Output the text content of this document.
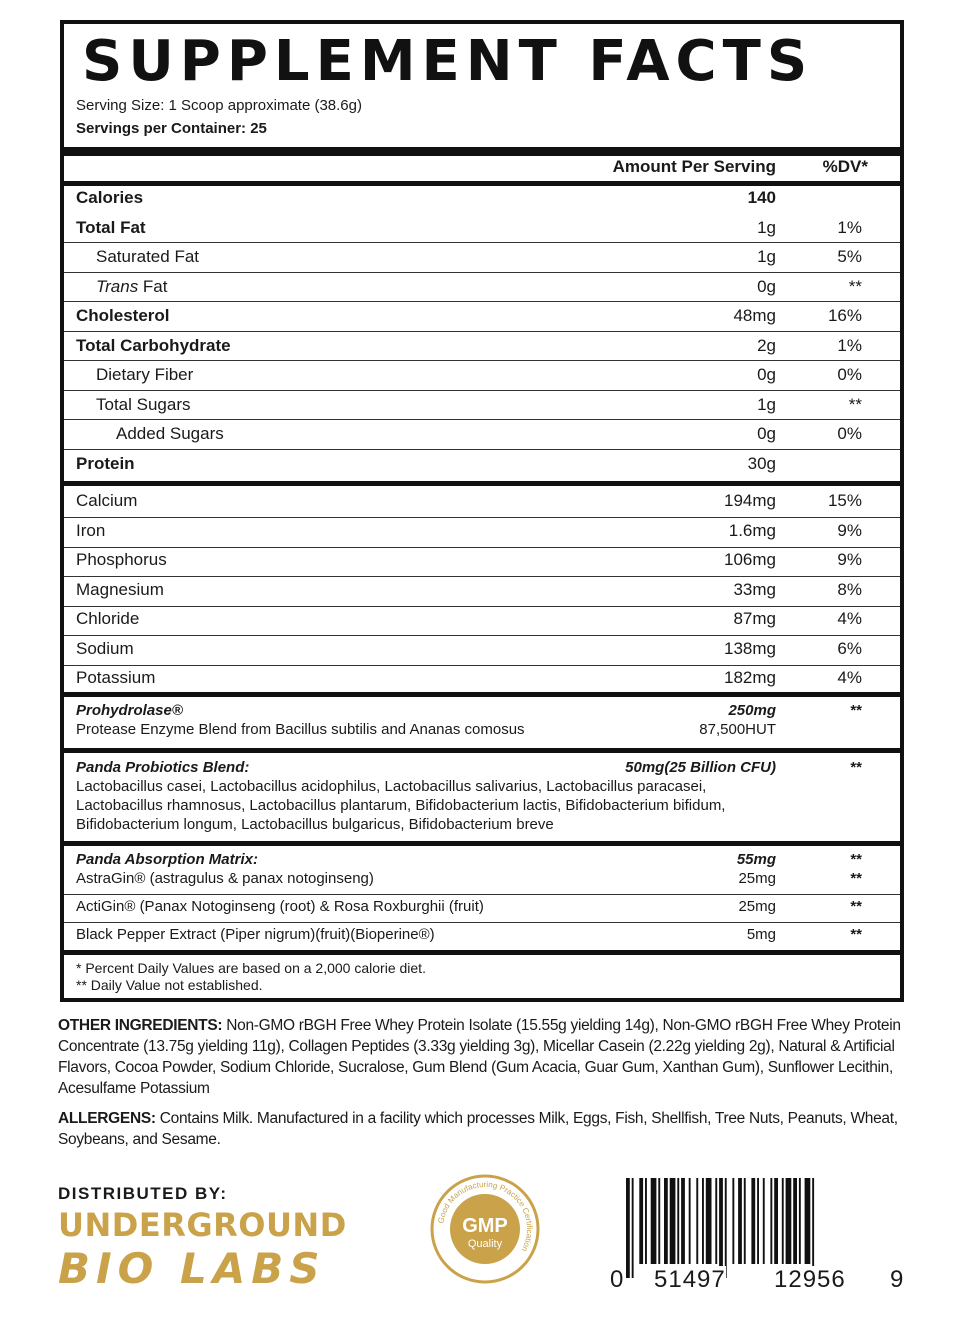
SUPPLEMENT FACTS
Serving Size: 1 Scoop approximate (38.6g)
Servings per Container: 25
Amount Per Serving	%DV*
Calories	140
Total Fat	1g	1%
Saturated Fat	1g	5%
Trans Fat	0g	**
Cholesterol	48mg	16%
Total Carbohydrate	2g	1%
Dietary Fiber	0g	0%
Total Sugars	1g	**
Added Sugars	0g	0%
Protein	30g
Calcium	194mg	15%
Iron	1.6mg	9%
Phosphorus	106mg	9%
Magnesium	33mg	8%
Chloride	87mg	4%
Sodium	138mg	6%
Potassium	182mg	4%
Prohydrolase®	250mg	**
Protease Enzyme Blend from Bacillus subtilis and Ananas comosus	87,500HUT
Panda Probiotics Blend:	50mg(25 Billion CFU)	**
Lactobacillus casei, Lactobacillus acidophilus, Lactobacillus salivarius, Lactobacillus paracasei,
Lactobacillus rhamnosus, Lactobacillus plantarum, Bifidobacterium lactis, Bifidobacterium bifidum,
Bifidobacterium longum, Lactobacillus bulgaricus, Bifidobacterium breve
Panda Absorption Matrix:	55mg	**
AstraGin® (astragulus & panax notoginseng)	25mg	**
ActiGin® (Panax Notoginseng (root) & Rosa Roxburghii (fruit)	25mg	**
Black Pepper Extract (Piper nigrum)(fruit)(Bioperine®)	5mg	**
* Percent Daily Values are based on a 2,000 calorie diet.
** Daily Value not established.
OTHER INGREDIENTS: Non-GMO rBGH Free Whey Protein Isolate (15.55g yielding 14g), Non-GMO rBGH Free Whey Protein Concentrate (13.75g yielding 11g), Collagen Peptides (3.33g yielding 3g), Micellar Casein (2.22g yielding 2g), Natural & Artificial Flavors, Cocoa Powder, Sodium Chloride, Sucralose, Gum Blend (Gum Acacia, Guar Gum, Xanthan Gum), Sunflower Lecithin, Acesulfame Potassium
ALLERGENS: Contains Milk. Manufactured in a facility which processes Milk, Eggs, Fish, Shellfish, Tree Nuts, Peanuts, Wheat, Soybeans, and Sesame.
DISTRIBUTED BY:
UNDERGROUND
BIO LABS
Good Manufacturing Practice Certification
GMP
Quality
0 51497 12956 9
